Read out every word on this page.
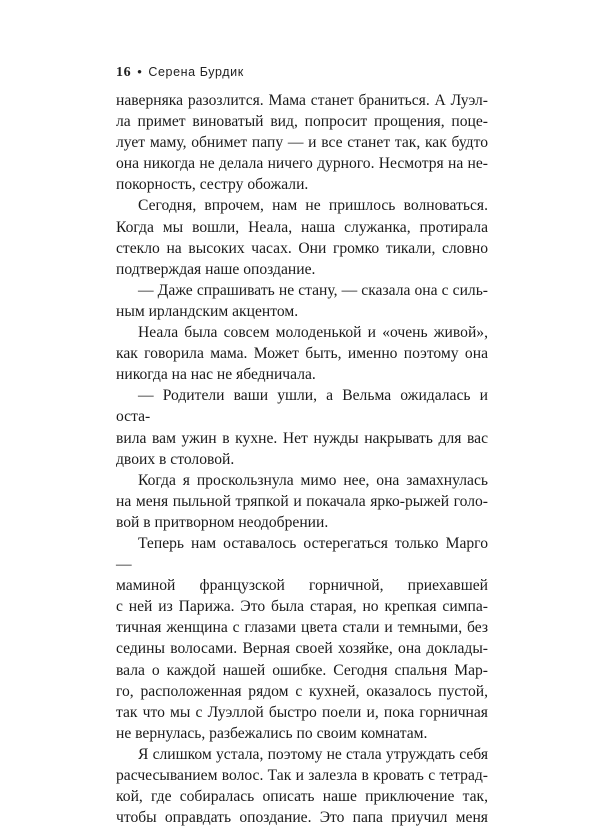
16 • Серена Бурдик

наверняка разозлится. Мама станет браниться. А Луэл-

ла примет виноватый вид, попросит прощения, поце-

лует маму, обнимет папу — и все станет так, как будто

она никогда не делала ничего дурного. Несмотря на не-

покорность, сестру обожали.

Сегодня, впрочем, нам не пришлось волноваться.

Когда мы вошли, Неала, наша служанка, протирала

стекло на высоких часах. Они громко тикали, словно

подтверждая наше опоздание.

— Даже спрашивать не стану, — сказала она с силь-

ным ирландским акцентом.

Неала была совсем молоденькой и «очень живой»,

как говорила мама. Может быть, именно поэтому она

никогда на нас не ябедничала.

— Родители ваши ушли, а Вельма ожидалась и оста-

вила вам ужин в кухне. Нет нужды накрывать для вас

двоих в столовой.

Когда я проскользнула мимо нее, она замахнулась

на меня пыльной тряпкой и покачала ярко-рыжей голо-

вой в притворном неодобрении.

Теперь нам оставалось остерегаться только Марго —

маминой французской горничной, приехавшей

с ней из Парижа. Это была старая, но крепкая симпа-

тичная женщина с глазами цвета стали и темными, без

седины волосами. Верная своей хозяйке, она доклады-

вала о каждой нашей ошибке. Сегодня спальня Мар-

го, расположенная рядом с кухней, оказалось пустой,

так что мы с Луэллой быстро поели и, пока горничная

не вернулась, разбежались по своим комнатам.

Я слишком устала, поэтому не стала утруждать себя

расчесыванием волос. Так и залезла в кровать с тетрад-

кой, где собиралась описать наше приключение так,

чтобы оправдать опоздание. Это папа приучил меня
